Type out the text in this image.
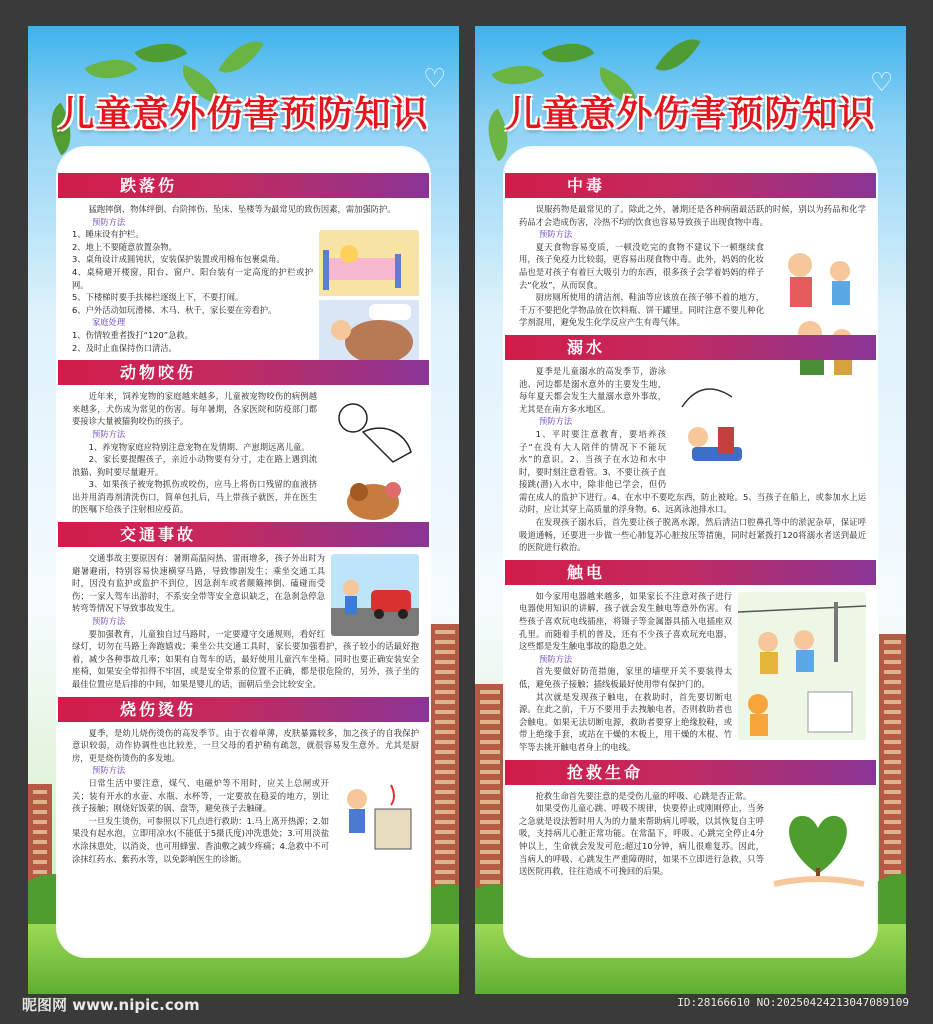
♡
儿童意外伤害预防知识
跌落伤
猛跑摔倒、物体绊倒、台阶摔伤、坠床、坠楼等为最常见的致伤因素，需加强防护。
预防方法
1、睡床设有护栏。
2、地上不要随意放置杂物。
3、桌角设计成圆钝状，安装保护装置或用棉布包裹桌角。
4、桌椅避开楼窗，阳台、窗户、阳台装有一定高度的护栏或护网。
5、下楼梯时要手扶梯栏逐级上下，不要打闹。
6、户外活动如玩滑梯、木马、秋千，家长要在旁看护。
家庭处理
1、伤情较重者拨打“120”急救。
2、及时止血保持伤口清洁。
动物咬伤
近年来，饲养宠物的家庭越来越多，儿童被宠物咬伤的病例越来越多，犬伤成为常见的伤害。每年暑期，各家医院和防疫部门都要接诊大量被猫狗咬伤的孩子。
预防方法
1、养宠物家庭应特别注意宠物在发情期、产崽期远离儿童。
2、家长要提醒孩子，亲近小动物要有分寸，走在路上遇到流浪猫、狗时要尽量避开。
3、如果孩子被宠物抓伤或咬伤，应马上将伤口残留的血液挤出并用消毒剂清洗伤口，简单包扎后，马上带孩子就医，并在医生的医嘱下给孩子注射相应疫苗。
交通事故
交通事故主要原因有：暑期高温闷热、雷雨增多，孩子外出时为避暑避雨，特别容易快速横穿马路，导致惨剧发生；乘坐交通工具时，因没有监护或监护不到位，因急刹车或者颠簸摔倒、磕碰而受伤；一家人驾车出游时，不系安全带等安全意识缺乏，在急刹急停急转弯等情况下导致事故发生。
预防方法
要加强教育，儿童独自过马路时，一定要遵守交通规则，看好红绿灯，切勿在马路上奔跑嬉戏；乘坐公共交通工具时，家长要加强看护，孩子较小的话最好抱着，减少各种事故几率；如果有自驾车的话，最好使用儿童汽车坐椅。同时也要正确安装安全座椅，如果安全带扣得不牢固，或是安全带系的位置不正确，都是很危险的，另外，孩子坐的最佳位置应是后排的中间，如果是婴儿的话，面朝后坐会比较安全。
烧伤烫伤
夏季，是幼儿烧伤烫伤的高发季节。由于衣着单薄，皮肤暴露较多，加之孩子的自我保护意识较弱，动作协调性也比较差，一旦父母的看护稍有疏忽，就很容易发生意外。尤其是厨房，更是烧伤烫伤的多发地。
预防方法
日常生活中要注意，煤气、电磁炉等不用时，应关上总闸或开关；装有开水的水壶、水瓶、水杯等，一定要放在稳妥的地方，别让孩子接触；刚烧好饭菜的锅、盘等，避免孩子去触碰。
一旦发生烫伤，可参照以下几点进行救助：1.马上离开热源；2.如果没有起水泡，立即用凉水(不能低于5摄氏度)冲洗患处；3.可用淡盐水涂抹患处，以消炎，也可用蜂蜜、香油敷之减少疼痛；4.急救中不可涂抹红药水、紫药水等，以免影响医生的诊断。
♡
儿童意外伤害预防知识
中毒
误服药物是最常见的了。除此之外，暑期还是各种病菌最活跃的时候，别以为药品和化学药品才会造成伤害，冷热不均的饮食也容易导致孩子出现食物中毒。
预防方法
夏天食物容易变质，一顿没吃完的食物不建议下一顿继续食用，孩子免疫力比较弱，更容易出现食物中毒。此外，妈妈的化妆品也是对孩子有着巨大吸引力的东西，很多孩子会学着妈妈的样子去“化妆”，从而误食。
厨房厕所使用的清洁剂、鞋油等应该放在孩子够不着的地方，千万不要把化学物品放在饮料瓶、饼干罐里。同时注意不要儿种化学剂混用，避免发生化学反应产生有毒气体。
溺水
夏季是儿童溺水的高发季节，游泳池、河边都是溺水意外的主要发生地，每年夏天都会发生大量溺水意外事故，尤其是在南方多水地区。
预防方法
1、平时要注意教育，要培养孩子“在没有大人陪伴的情况下不能玩水”的意识。2、当孩子在水边和水中时，要时刻注意看管。3、不要让孩子直接跳(潜)入水中，除非他已学会，但仍需在成人的监护下进行。4、在水中不要吃东西，防止被呛。5、当孩子在船上，或参加水上运动时，应让其穿上高质量的浮身物。6、远离泳池排水口。
在发现孩子溺水后，首先要让孩子脱离水源，然后清洁口腔鼻孔等中的淤泥杂草，保证呼吸道通畅，还要进一步做一些心肺复苏心脏按压等措施，同时赶紧拨打120将溺水者送到最近的医院进行救治。
触电
如今家用电器越来越多，如果家长不注意对孩子进行电器使用知识的讲解，孩子就会发生触电等意外伤害。有些孩子喜欢玩电线插座，将镊子等金属器具插入电插座双孔里。而随着手机的普及，还有不少孩子喜欢玩充电器，这些都是发生触电事故的隐患之处。
预防方法
首先要做好防范措施，家里的墙壁开关不要装得太低，避免孩子接触；插线板最好使用带有保护门的。
其次就是发现孩子触电，在救助时，首先要切断电源。在此之前，千万不要用手去拽触电者，否则救助者也会触电。如果无法切断电源，救助者要穿上绝缘胶鞋，或带上绝缘手套，或站在干燥的木板上，用干燥的木棍、竹竿等去挑开触电者身上的电线。
抢救生命
抢救生命首先要注意的是受伤儿童的呼吸、心跳是否正常。
如果受伤儿童心跳、呼吸不规律，快要停止或刚刚停止，当务之急就是设法暂时用人为的力量来帮助病儿呼吸，以其恢复自主呼吸，支持病儿心脏正常功能。在常温下，呼吸、心跳完全停止4分钟以上，生命就会发发可危;超过10分钟，病儿很难复苏。因此，当病人的呼吸、心跳发生严重障碍时，如果不立即进行急救，只等送医院再救，往往造成不可挽回的后果。
昵图网 www.nipic.com	ID:28166610 NO:20250424213047089109
